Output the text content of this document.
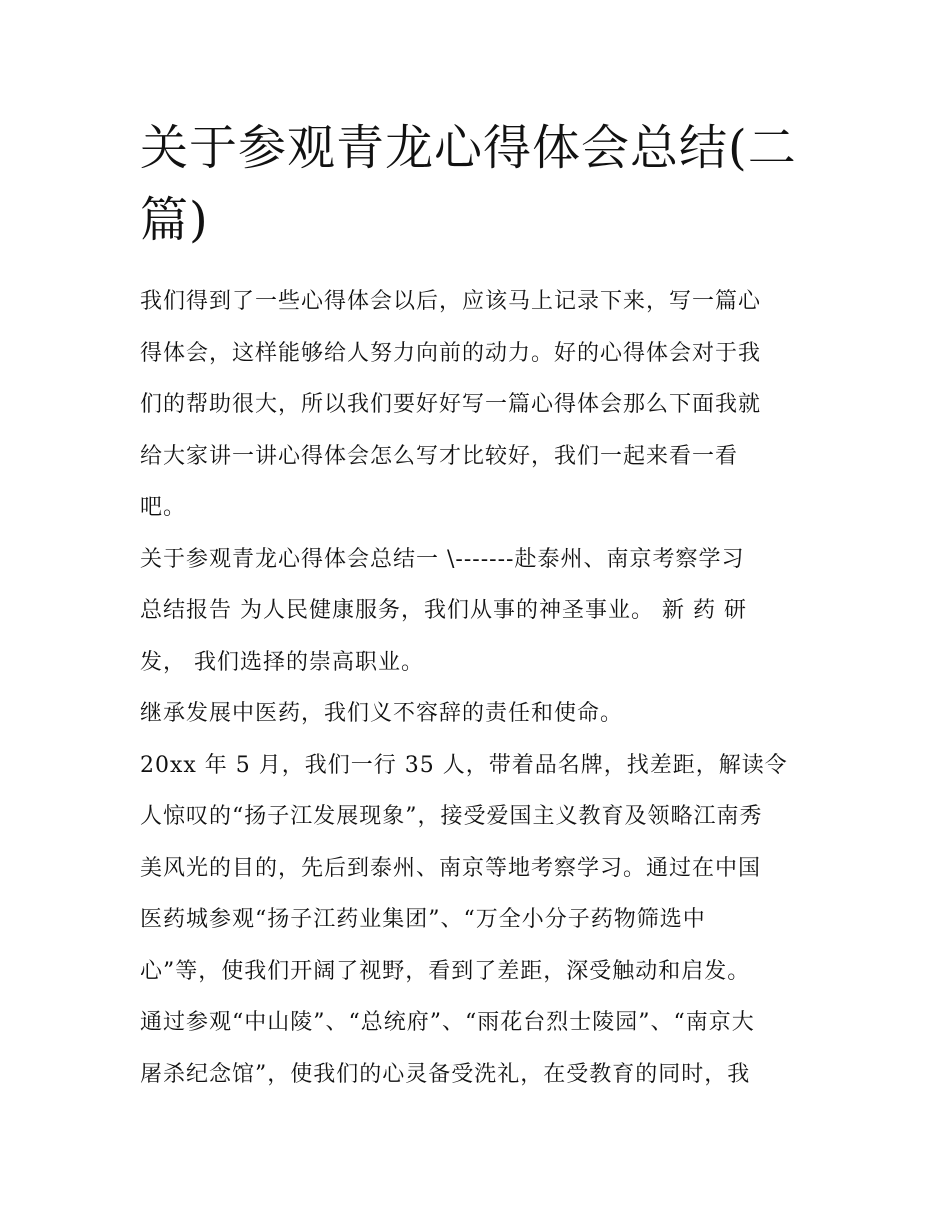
关于参观青龙心得体会总结(二
篇)
我们得到了一些心得体会以后，应该马上记录下来，写一篇心
得体会，这样能够给人努力向前的动力。好的心得体会对于我
们的帮助很大，所以我们要好好写一篇心得体会那么下面我就
给大家讲一讲心得体会怎么写才比较好，我们一起来看一看
吧。
关于参观青龙心得体会总结一 \-------赴泰州、南京考察学习
总结报告 为人民健康服务，我们从事的神圣事业。 新 药 研
发， 我们选择的崇高职业。
继承发展中医药，我们义不容辞的责任和使命。
20xx 年 5 月，我们一行 35 人，带着品名牌，找差距，解读令
人惊叹的“扬子江发展现象”，接受爱国主义教育及领略江南秀
美风光的目的，先后到泰州、南京等地考察学习。通过在中国
医药城参观“扬子江药业集团”、“万全小分子药物筛选中
心”等，使我们开阔了视野，看到了差距，深受触动和启发。
通过参观“中山陵”、“总统府”、“雨花台烈士陵园”、“南京大
屠杀纪念馆”，使我们的心灵备受洗礼，在受教育的同时，我
